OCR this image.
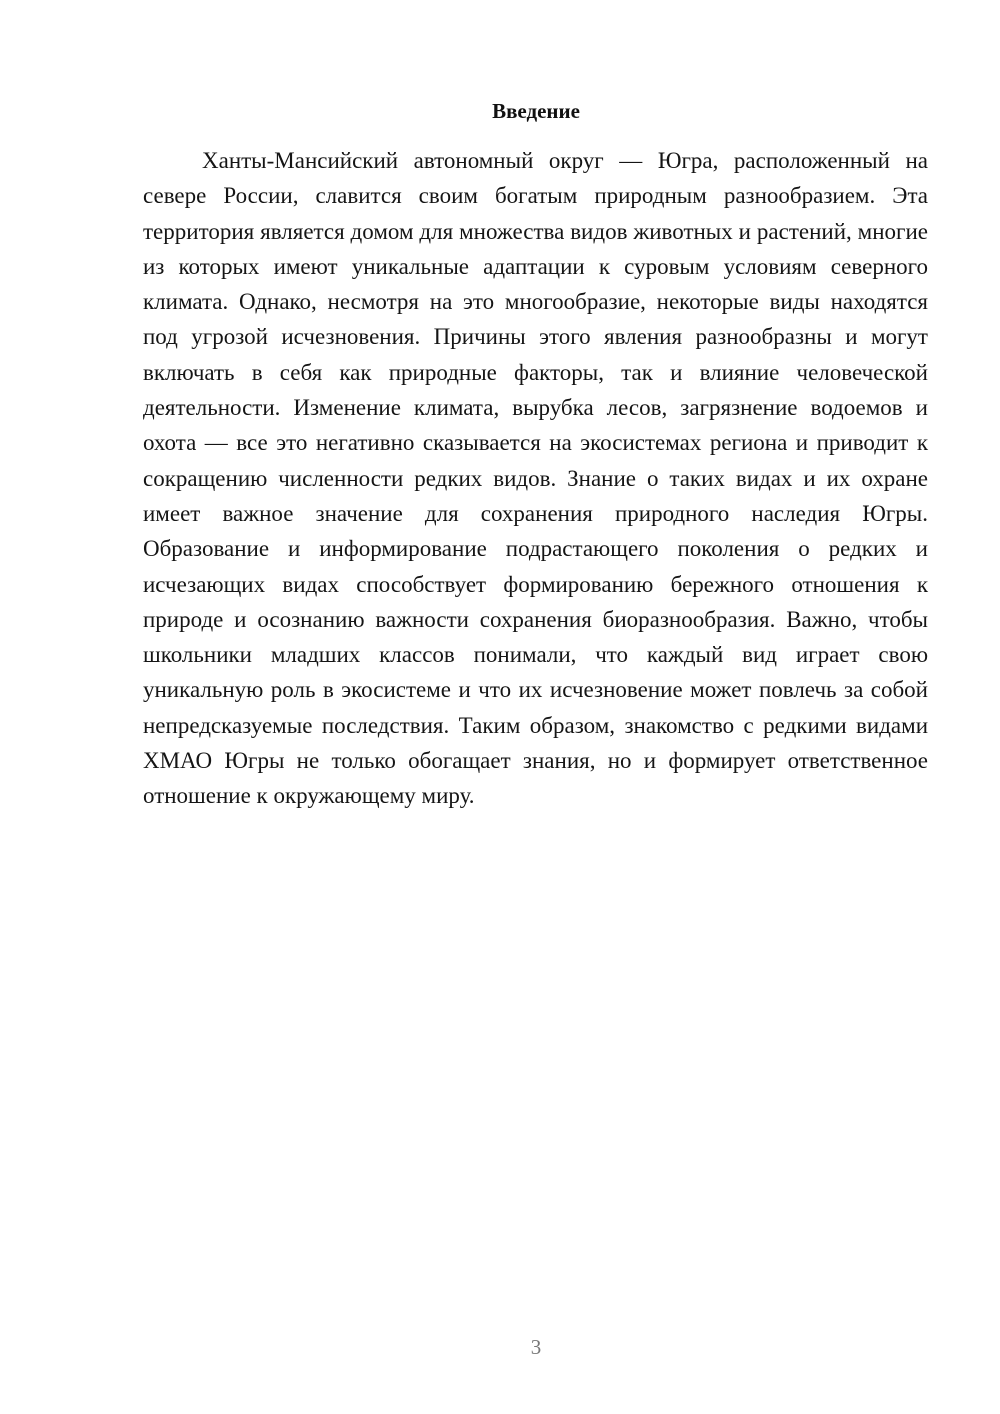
Введение

Ханты-Мансийский автономный округ — Югра, расположенный на севере России, славится своим богатым природным разнообразием. Эта территория является домом для множества видов животных и растений, многие из которых имеют уникальные адаптации к суровым условиям северного климата. Однако, несмотря на это многообразие, некоторые виды находятся под угрозой исчезновения. Причины этого явления разнообразны и могут включать в себя как природные факторы, так и влияние человеческой деятельности. Изменение климата, вырубка лесов, загрязнение водоемов и охота — все это негативно сказывается на экосистемах региона и приводит к сокращению численности редких видов. Знание о таких видах и их охране имеет важное значение для сохранения природного наследия Югры. Образование и информирование подрастающего поколения о редких и исчезающих видах способствует формированию бережного отношения к природе и осознанию важности сохранения биоразнообразия. Важно, чтобы школьники младших классов понимали, что каждый вид играет свою уникальную роль в экосистеме и что их исчезновение может повлечь за собой непредсказуемые последствия. Таким образом, знакомство с редкими видами ХМАО Югры не только обогащает знания, но и формирует ответственное отношение к окружающему миру.

3
